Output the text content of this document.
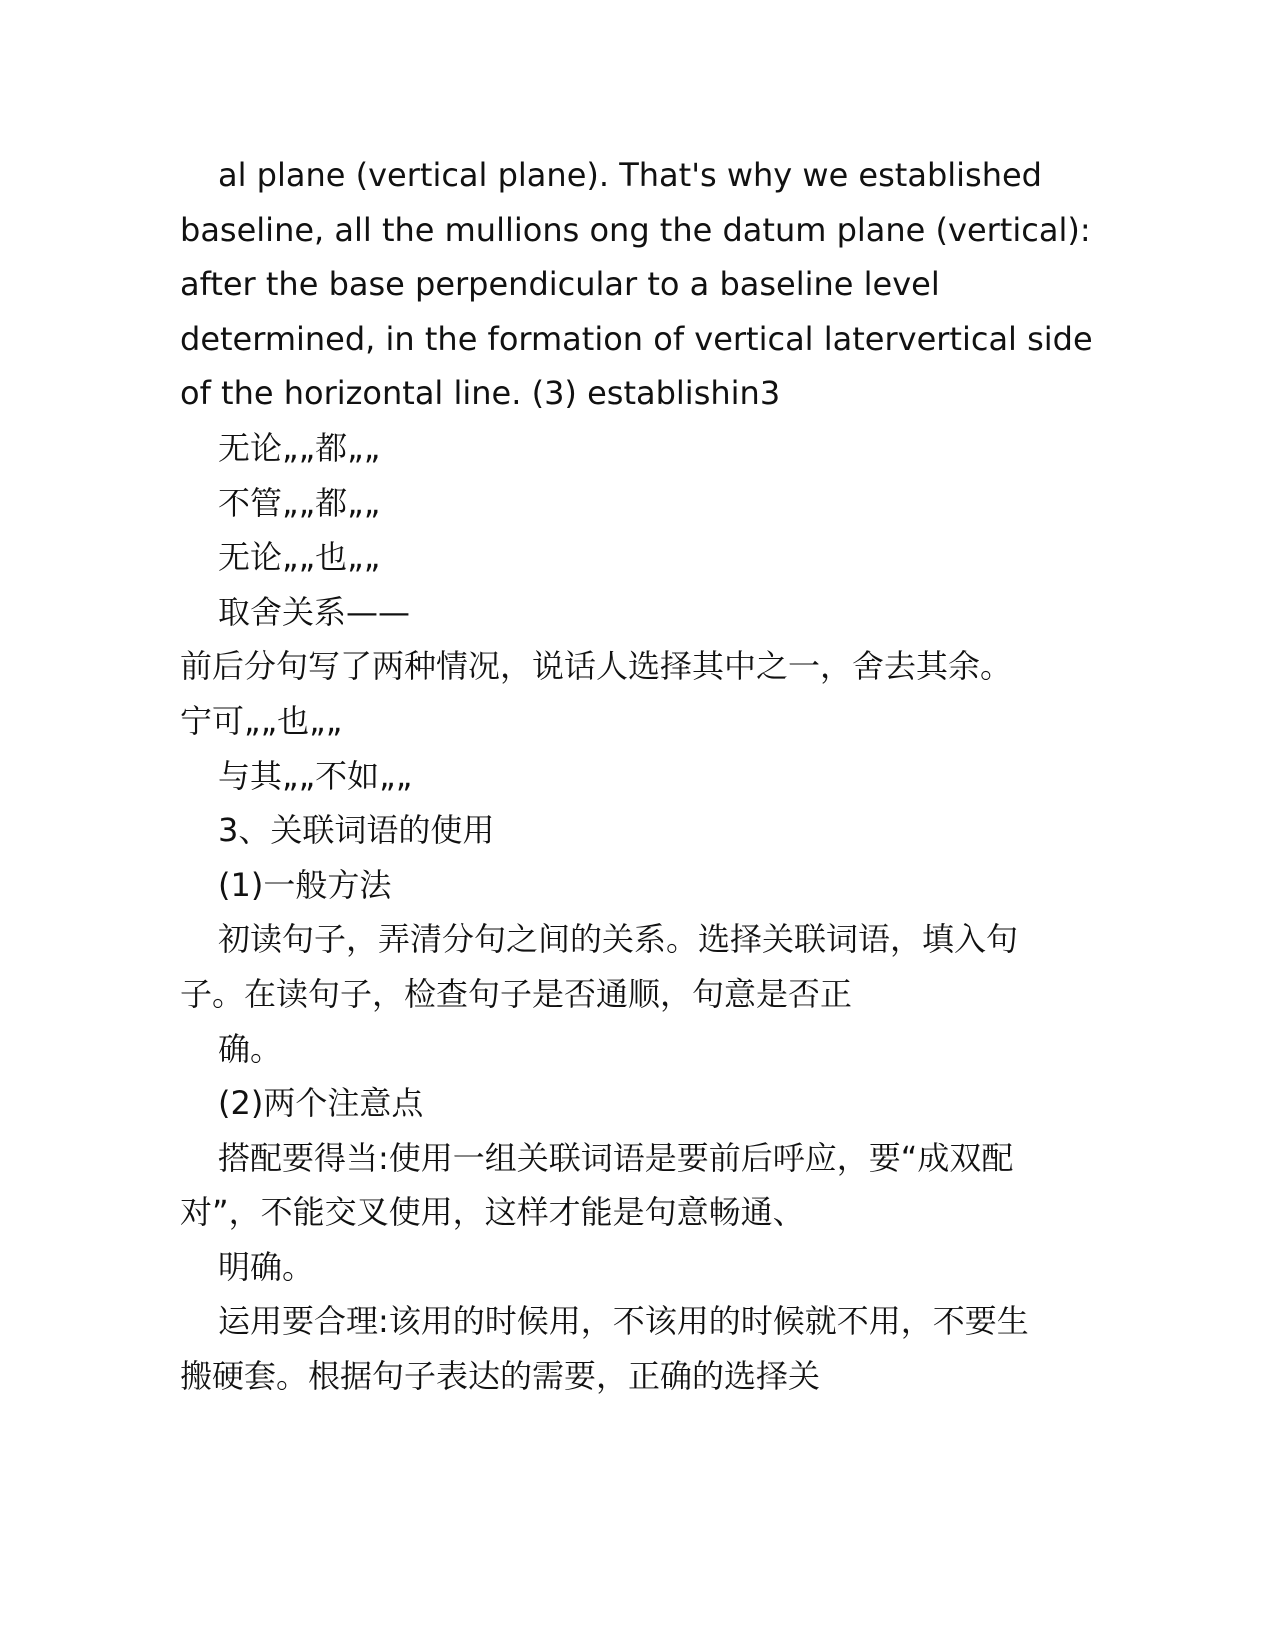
al plane (vertical plane). That's why we established

baseline, all the mullions ong the datum plane (vertical):

after the base perpendicular to a baseline level

determined, in the formation of vertical latervertical side

of the horizontal line. (3) establishin3

无论„„都„„

不管„„都„„

无论„„也„„

取舍关系——

前后分句写了两种情况，说话人选择其中之一，舍去其余。

宁可„„也„„

与其„„不如„„

3、关联词语的使用

(1)一般方法

初读句子，弄清分句之间的关系。选择关联词语，填入句

子。在读句子，检查句子是否通顺，句意是否正

确。

(2)两个注意点

搭配要得当:使用一组关联词语是要前后呼应，要“成双配

对”，不能交叉使用，这样才能是句意畅通、

明确。

运用要合理:该用的时候用，不该用的时候就不用，不要生

搬硬套。根据句子表达的需要，正确的选择关
